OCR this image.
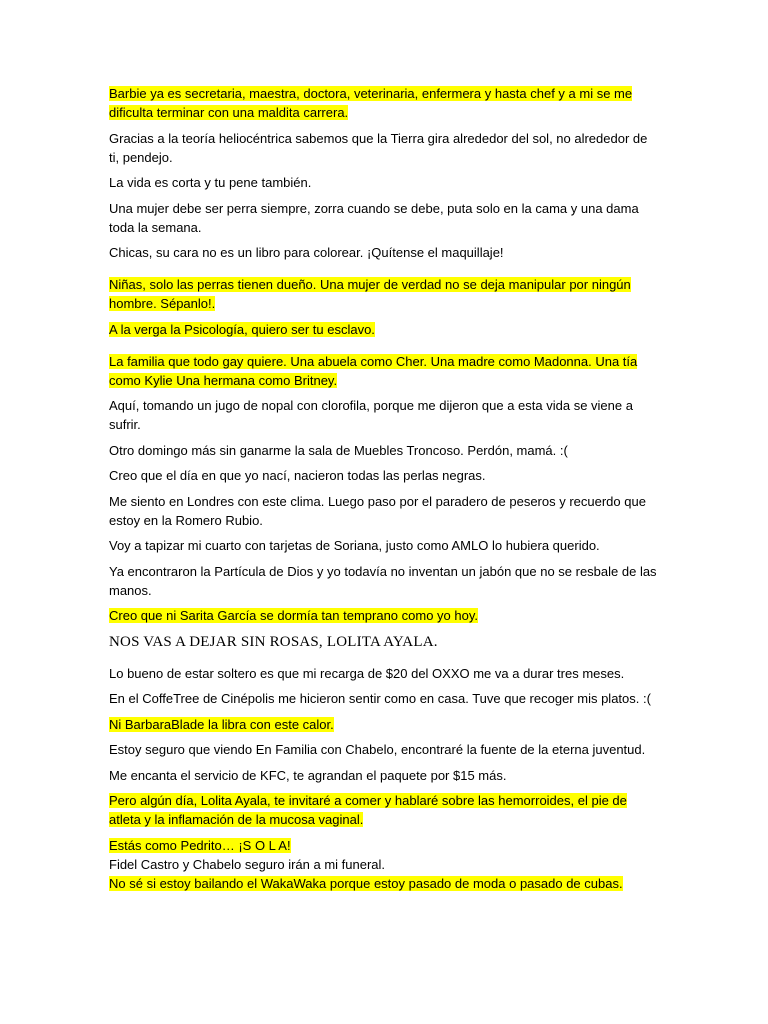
Barbie ya es secretaria, maestra, doctora, veterinaria, enfermera y hasta chef y a mi se me dificulta terminar con una maldita carrera.

Gracias a la teoría heliocéntrica sabemos que la Tierra gira alrededor del sol, no alrededor de ti, pendejo.

La vida es corta y tu pene también.

Una mujer debe ser perra siempre, zorra cuando se debe, puta solo en la cama y una dama toda la semana.

Chicas, su cara no es un libro para colorear. ¡Quítense el maquillaje!

Niñas, solo las perras tienen dueño. Una mujer de verdad no se deja manipular por ningún hombre. Sépanlo!.

A la verga la Psicología, quiero ser tu esclavo.

La familia que todo gay quiere. Una abuela como Cher. Una madre como Madonna. Una tía como Kylie Una hermana como Britney.

Aquí, tomando un jugo de nopal con clorofila, porque me dijeron que a esta vida se viene a sufrir.

Otro domingo más sin ganarme la sala de Muebles Troncoso. Perdón, mamá. :(

Creo que el día en que yo nací, nacieron todas las perlas negras.

Me siento en Londres con este clima. Luego paso por el paradero de peseros y recuerdo que estoy en la Romero Rubio.

Voy a tapizar mi cuarto con tarjetas de Soriana, justo como AMLO lo hubiera querido.

Ya encontraron la Partícula de Dios y yo todavía no inventan un jabón que no se resbale de las manos.

Creo que ni Sarita García se dormía tan temprano como yo hoy.

NOS VAS A DEJAR SIN ROSAS, LOLITA AYALA.

Lo bueno de estar soltero es que mi recarga de $20 del OXXO me va a durar tres meses.

En el CoffeTree de Cinépolis me hicieron sentir como en casa. Tuve que recoger mis platos. :(

Ni BarbaraBlade la libra con este calor.

Estoy seguro que viendo En Familia con Chabelo, encontraré la fuente de la eterna juventud.

Me encanta el servicio de KFC, te agrandan el paquete por $15 más.

Pero algún día, Lolita Ayala, te invitaré a comer y hablaré sobre las hemorroides, el pie de atleta y la inflamación de la mucosa vaginal.

Estás como Pedrito… ¡S O L A!

Fidel Castro y Chabelo seguro irán a mi funeral.

No sé si estoy bailando el WakaWaka porque estoy pasado de moda o pasado de cubas.
